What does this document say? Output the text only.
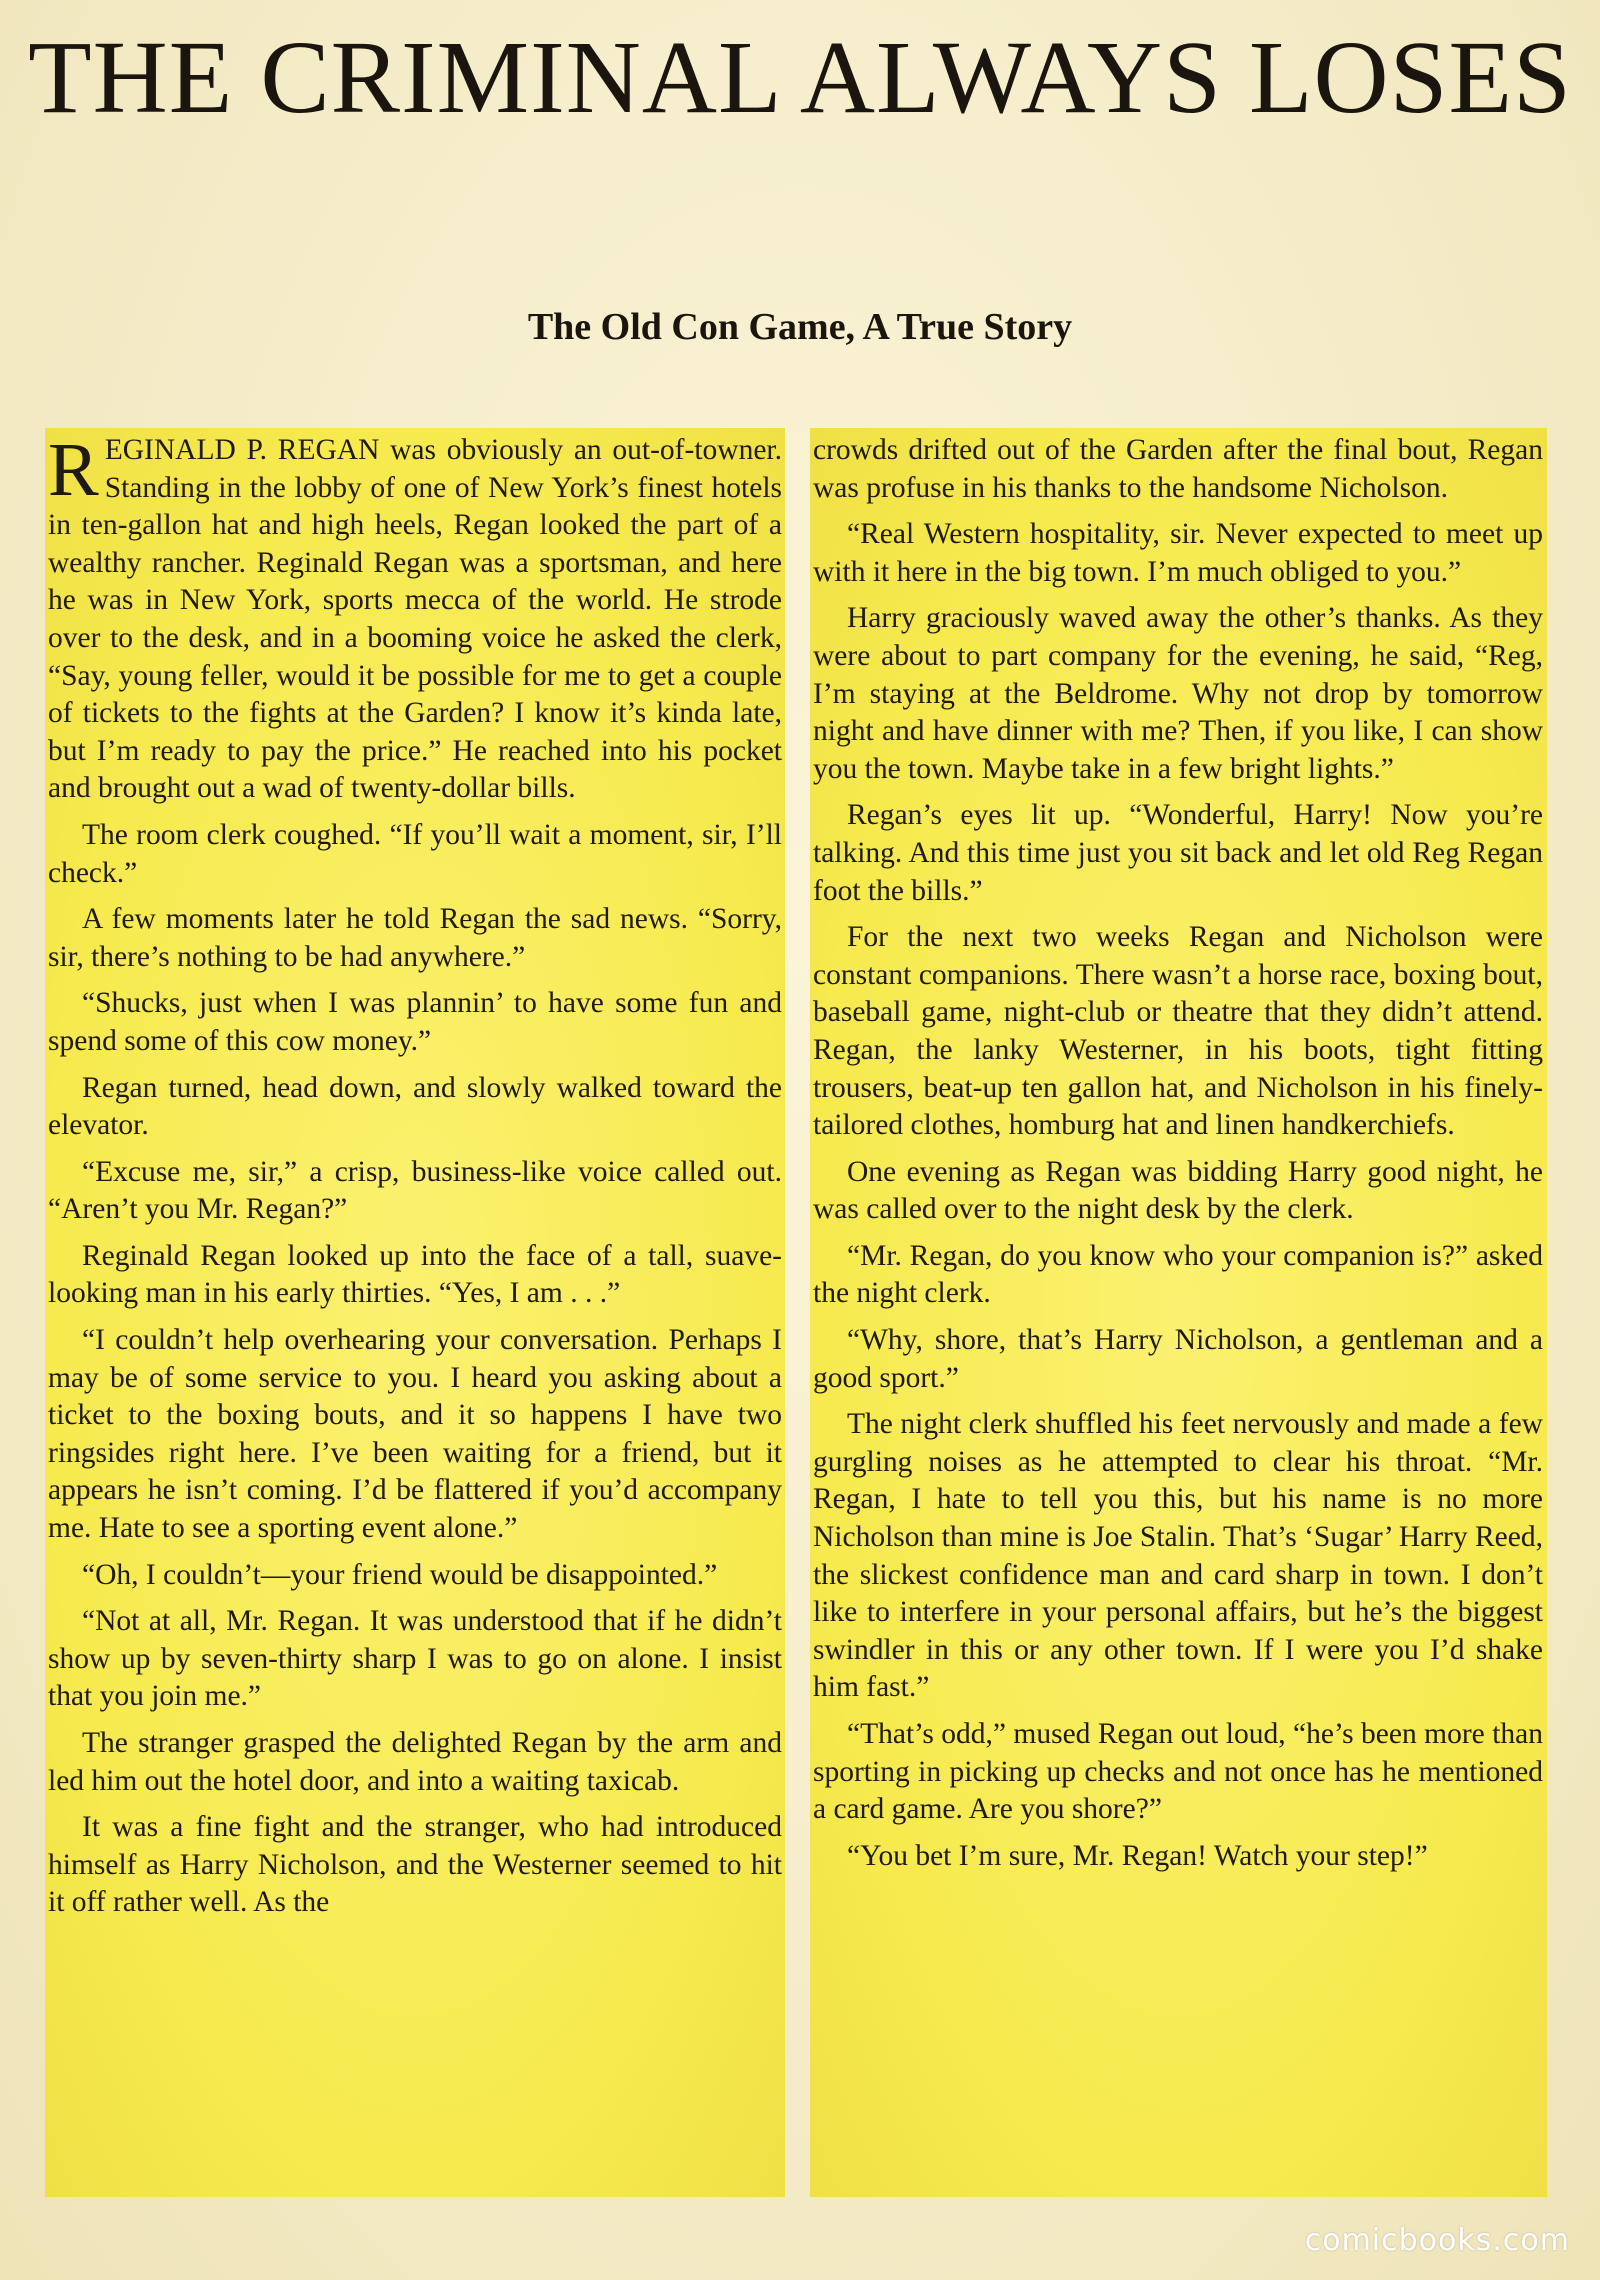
THE CRIMINAL ALWAYS LOSES
The Old Con Game, A True Story

REGINALD P. REGAN was obviously an out-of-towner. Standing in the lobby of one of New York’s finest hotels in ten-gallon hat and high heels, Regan looked the part of a wealthy rancher. Reginald Regan was a sportsman, and here he was in New York, sports mecca of the world. He strode over to the desk, and in a booming voice he asked the clerk, “Say, young feller, would it be possible for me to get a couple of tickets to the fights at the Garden? I know it’s kinda late, but I’m ready to pay the price.” He reached into his pocket and brought out a wad of twenty-dollar bills.

The room clerk coughed. “If you’ll wait a moment, sir, I’ll check.”

A few moments later he told Regan the sad news. “Sorry, sir, there’s nothing to be had anywhere.”

“Shucks, just when I was plannin’ to have some fun and spend some of this cow money.”

Regan turned, head down, and slowly walked toward the elevator.

“Excuse me, sir,” a crisp, business-like voice called out. “Aren’t you Mr. Regan?”

Reginald Regan looked up into the face of a tall, suave-looking man in his early thirties. “Yes, I am . . .”

“I couldn’t help overhearing your conversation. Perhaps I may be of some service to you. I heard you asking about a ticket to the boxing bouts, and it so happens I have two ringsides right here. I’ve been waiting for a friend, but it appears he isn’t coming. I’d be flattered if you’d accompany me. Hate to see a sporting event alone.”

“Oh, I couldn’t—your friend would be disappointed.”

“Not at all, Mr. Regan. It was understood that if he didn’t show up by seven-thirty sharp I was to go on alone. I insist that you join me.”

The stranger grasped the delighted Regan by the arm and led him out the hotel door, and into a waiting taxicab.

It was a fine fight and the stranger, who had introduced himself as Harry Nicholson, and the Westerner seemed to hit it off rather well. As the

crowds drifted out of the Garden after the final bout, Regan was profuse in his thanks to the handsome Nicholson.

“Real Western hospitality, sir. Never expected to meet up with it here in the big town. I’m much obliged to you.”

Harry graciously waved away the other’s thanks. As they were about to part company for the evening, he said, “Reg, I’m staying at the Beldrome. Why not drop by tomorrow night and have dinner with me? Then, if you like, I can show you the town. Maybe take in a few bright lights.”

Regan’s eyes lit up. “Wonderful, Harry! Now you’re talking. And this time just you sit back and let old Reg Regan foot the bills.”

For the next two weeks Regan and Nicholson were constant companions. There wasn’t a horse race, boxing bout, baseball game, night-club or theatre that they didn’t attend. Regan, the lanky Westerner, in his boots, tight fitting trousers, beat-up ten gallon hat, and Nicholson in his finely-tailored clothes, homburg hat and linen handkerchiefs.

One evening as Regan was bidding Harry good night, he was called over to the night desk by the clerk.

“Mr. Regan, do you know who your companion is?” asked the night clerk.

“Why, shore, that’s Harry Nicholson, a gentleman and a good sport.”

The night clerk shuffled his feet nervously and made a few gurgling noises as he attempted to clear his throat. “Mr. Regan, I hate to tell you this, but his name is no more Nicholson than mine is Joe Stalin. That’s ‘Sugar’ Harry Reed, the slickest confidence man and card sharp in town. I don’t like to interfere in your personal affairs, but he’s the biggest swindler in this or any other town. If I were you I’d shake him fast.”

“That’s odd,” mused Regan out loud, “he’s been more than sporting in picking up checks and not once has he mentioned a card game. Are you shore?”

“You bet I’m sure, Mr. Regan! Watch your step!”

comicbooks.com
